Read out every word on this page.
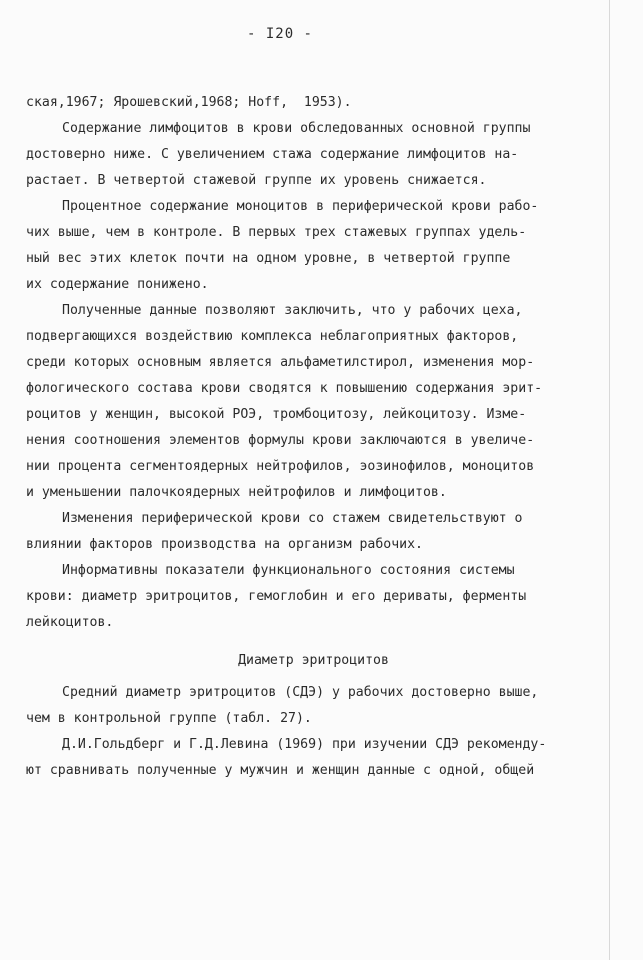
- I20 -
ская,1967; Ярошевский,1968; Hoff,  1953).
Содержание лимфоцитов в крови обследованных основной группы
достоверно ниже. С увеличением стажа содержание лимфоцитов на-
растает. В четвертой стажевой группе их уровень снижается.
Процентное содержание моноцитов в периферической крови рабо-
чих выше, чем в контроле. В первых трех стажевых группах удель-
ный вес этих клеток почти на одном уровне, в четвертой группе
их содержание понижено.
Полученные данные позволяют заключить, что у рабочих цеха,
подвергающихся воздействию комплекса неблагоприятных факторов,
среди которых основным является альфаметилстирол, изменения мор-
фологического состава крови сводятся к повышению содержания эрит-
роцитов у женщин, высокой РОЭ, тромбоцитозу, лейкоцитозу. Изме-
нения соотношения элементов формулы крови заключаются в увеличе-
нии процента сегментоядерных нейтрофилов, эозинофилов, моноцитов
и уменьшении палочкоядерных нейтрофилов и лимфоцитов.
Изменения периферической крови со стажем свидетельствуют о
влиянии факторов производства на организм рабочих.
Информативны показатели функционального состояния системы
крови: диаметр эритроцитов, гемоглобин и его дериваты, ферменты
лейкоцитов.
Диаметр эритроцитов
Средний диаметр эритроцитов (СДЭ) у рабочих достоверно выше,
чем в контрольной группе (табл. 27).
Д.И.Гольдберг и Г.Д.Левина (1969) при изучении СДЭ рекоменду-
ют сравнивать полученные у мужчин и женщин данные с одной, общей
